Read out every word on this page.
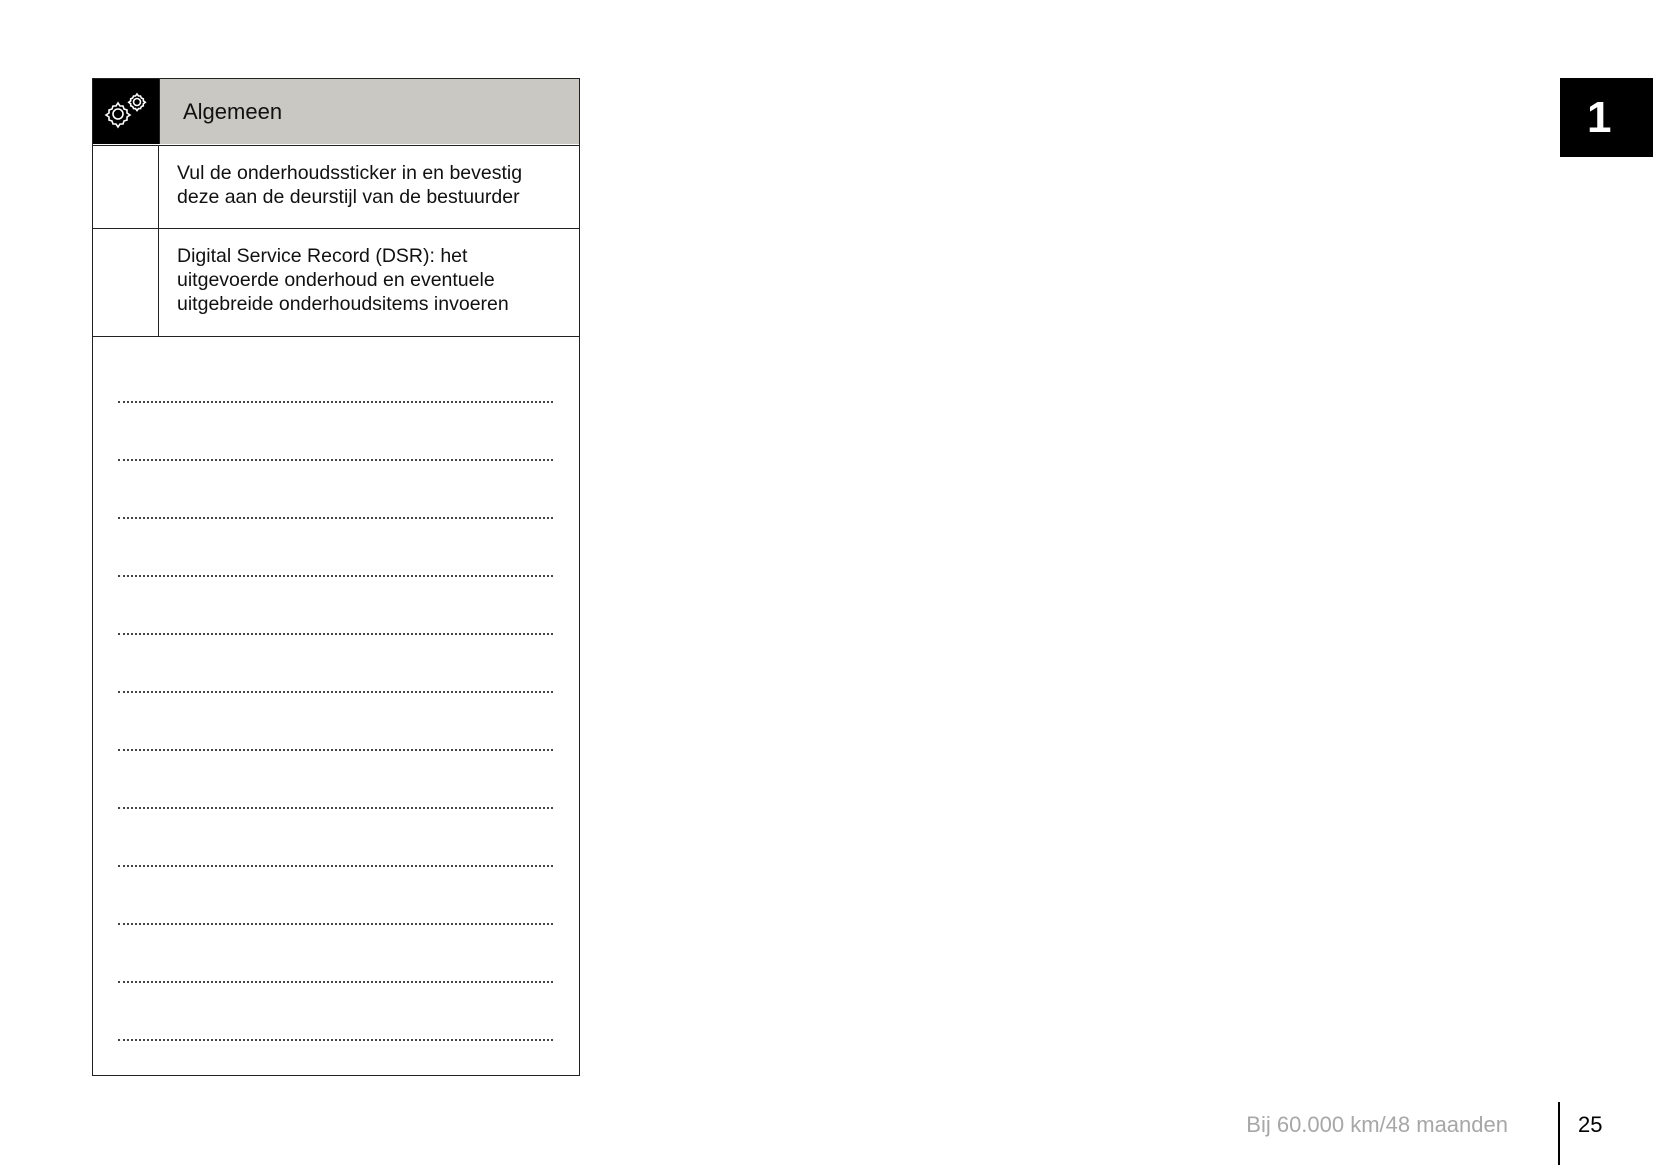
Algemeen
Vul de onderhoudssticker in en bevestig
deze aan de deurstijl van de bestuurder
Digital Service Record (DSR): het
uitgevoerde onderhoud en eventuele
uitgebreide onderhoudsitems invoeren
1
Bij 60.000 km/48 maanden	25
